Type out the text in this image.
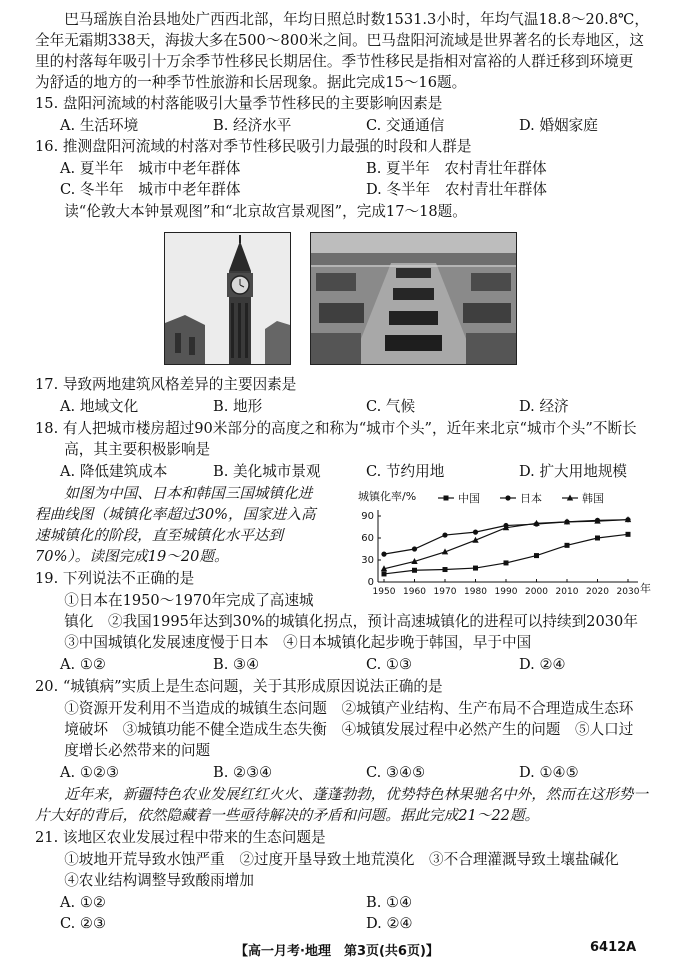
　　巴马瑶族自治县地处广西西北部，年均日照总时数1531.3小时，年均气温18.8～20.8℃，
全年无霜期338天，海拔大多在500～800米之间。巴马盘阳河流域是世界著名的长寿地区，这
里的村落每年吸引十万余季节性移民长期居住。季节性移民是指相对富裕的人群迁移到环境更
为舒适的地方的一种季节性旅游和长居现象。据此完成15～16题。
15. 盘阳河流域的村落能吸引大量季节性移民的主要影响因素是
A. 生活环境	B. 经济水平	C. 交通通信	D. 婚姻家庭
16. 推测盘阳河流域的村落对季节性移民吸引力最强的时段和人群是
A. 夏半年　城市中老年群体	B. 夏半年　农村青壮年群体
C. 冬半年　城市中老年群体	D. 冬半年　农村青壮年群体
　　读“伦敦大本钟景观图”和“北京故宫景观图”，完成17～18题。
17. 导致两地建筑风格差异的主要因素是
A. 地域文化	B. 地形	C. 气候	D. 经济
18. 有人把城市楼房超过90米部分的高度之和称为“城市个头”，近年来北京“城市个头”不断长
　　高，其主要积极影响是
A. 降低建筑成本	B. 美化城市景观	C. 节约用地	D. 扩大用地规模
　　如图为中国、日本和韩国三国城镇化进
程曲线图（城镇化率超过30%，国家进入高
速城镇化的阶段，直至城镇化水平达到
70%）。读图完成19～20题。
城镇化率/%	中国	日本	韩国
0
30
60
90
1950 1960 1970 1980 1990 2000 2010 2020 2030 年
19. 下列说法不正确的是
　　①日本在1950～1970年完成了高速城
　　镇化　②我国1995年达到30%的城镇化拐点，预计高速城镇化的进程可以持续到2030年
　　③中国城镇化发展速度慢于日本　④日本城镇化起步晚于韩国，早于中国
A. ①②	B. ③④	C. ①③	D. ②④
20. “城镇病”实质上是生态问题，关于其形成原因说法正确的是
　　①资源开发利用不当造成的城镇生态问题　②城镇产业结构、生产布局不合理造成生态环
　　境破坏　③城镇功能不健全造成生态失衡　④城镇发展过程中必然产生的问题　⑤人口过
　　度增长必然带来的问题
A. ①②③	B. ②③④	C. ③④⑤	D. ①④⑤
　　近年来，新疆特色农业发展红红火火、蓬蓬勃勃，优势特色林果驰名中外，然而在这形势一
片大好的背后，依然隐藏着一些亟待解决的矛盾和问题。据此完成21～22题。
21. 该地区农业发展过程中带来的生态问题是
　　①坡地开荒导致水蚀严重　②过度开垦导致土地荒漠化　③不合理灌溉导致土壤盐碱化
　　④农业结构调整导致酸雨增加
A. ①②	B. ①④
C. ②③	D. ②④
【高一月考·地理　第3页(共6页)】	6412A
